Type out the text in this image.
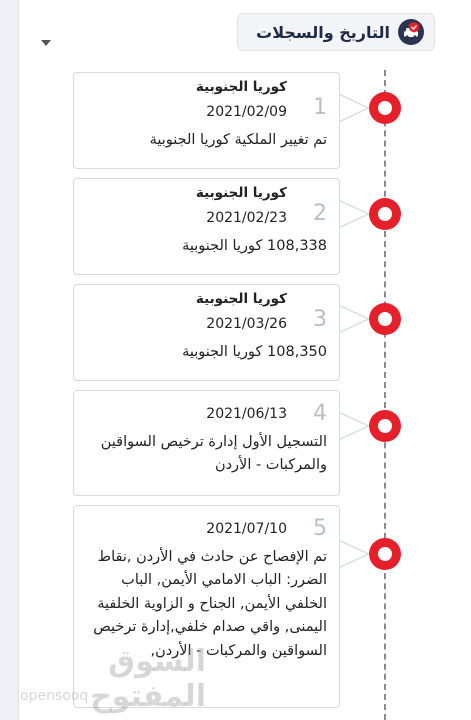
التاريخ والسجلات
1
كوريا الجنوبية
2021/02/09
تم تغيير الملكية كوريا الجنوبية
2
كوريا الجنوبية
2021/02/23
108,338 كوريا الجنوبية
3
كوريا الجنوبية
2021/03/26
108,350 كوريا الجنوبية
4
2021/06/13
التسجيل الأول إدارة ترخيص السواقين والمركبات - الأردن
5
2021/07/10
تم الإفصاح عن حادث في الأردن ,نقاط الضرر: الباب الامامي الأيمن, الباب الخلفي الأيمن, الجناح و الزاوية الخلفية اليمنى, واقي صدام خلفي,إدارة ترخيص السواقين والمركبات - الأردن,
السوق المفتوح
opensooq
